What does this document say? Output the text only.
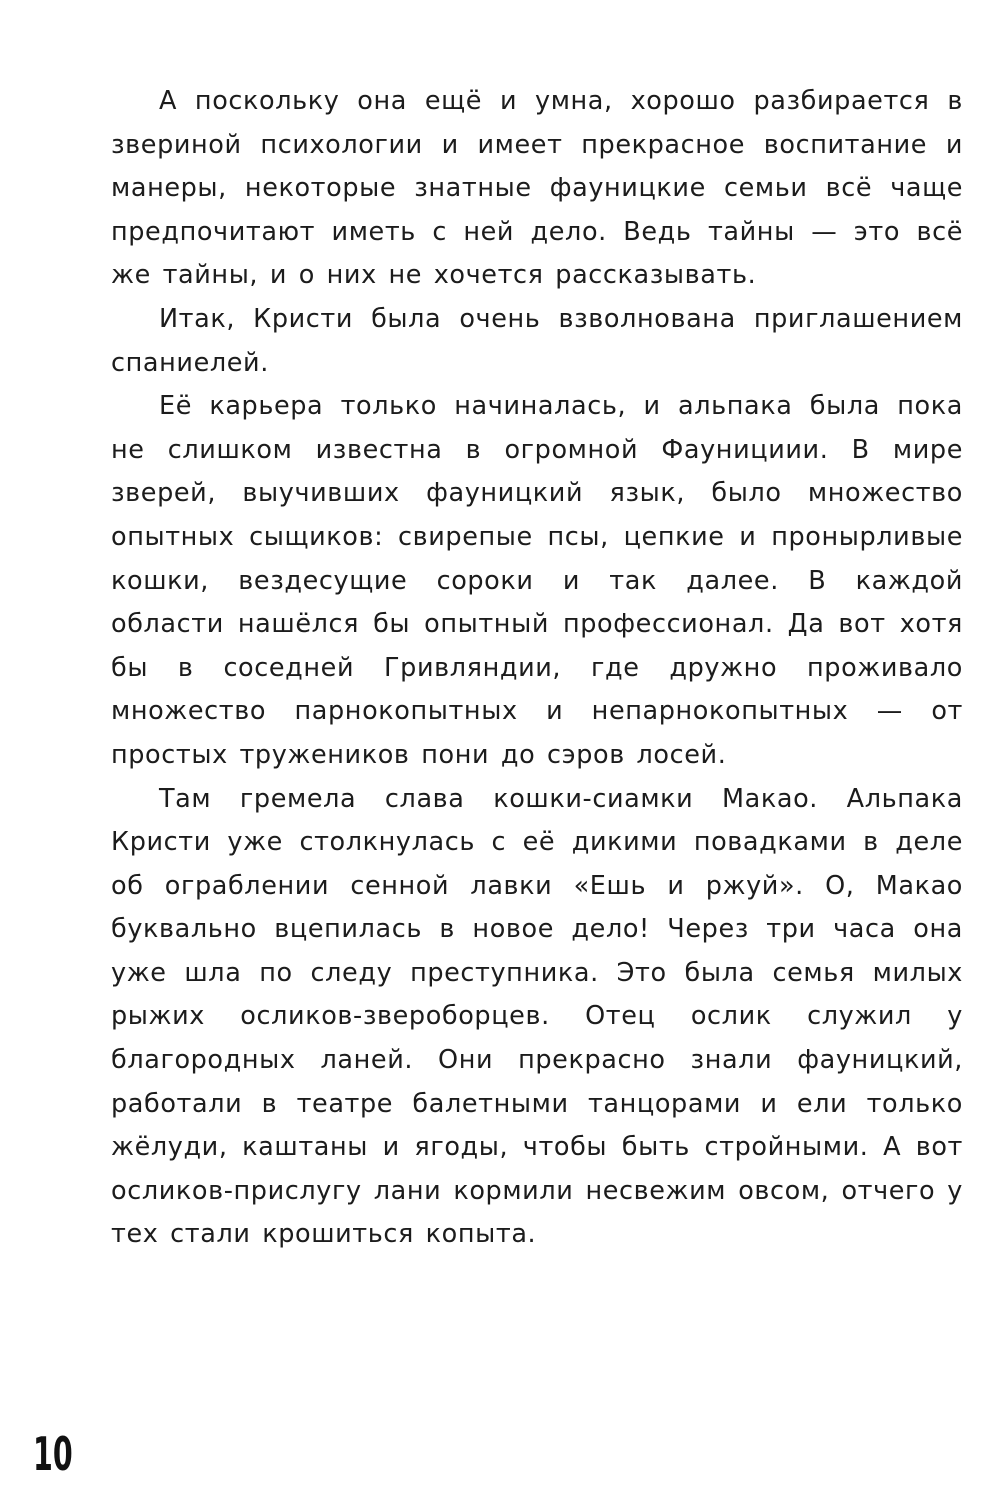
А поскольку она ещё и умна, хорошо разбирается в звериной психологии и имеет прекрасное воспитание и манеры, некоторые знатные фауницкие семьи всё чаще предпочитают иметь с ней дело. Ведь тайны — это всё же тайны, и о них не хочется рассказывать.

Итак, Кристи была очень взволнована приглашением спаниелей.

Её карьера только начиналась, и альпака была пока не слишком известна в огромной Фаунициии. В мире зверей, выучивших фауницкий язык, было множество опытных сыщиков: свирепые псы, цепкие и пронырливые кошки, вездесущие сороки и так далее. В каждой области нашёлся бы опытный профессионал. Да вот хотя бы в соседней Гривляндии, где дружно проживало множество парнокопытных и непарнокопытных — от простых тружеников пони до сэров лосей.

Там гремела слава кошки-сиамки Макао. Альпака Кристи уже столкнулась с её дикими повадками в деле об ограблении сенной лавки «Ешь и ржуй». О, Макао буквально вцепилась в новое дело! Через три часа она уже шла по следу преступника. Это была семья милых рыжих осликов-звероборцев. Отец ослик служил у благородных ланей. Они прекрасно знали фауницкий, работали в театре балетными танцорами и ели только жёлуди, каштаны и ягоды, чтобы быть стройными. А вот осликов-прислугу лани кормили несвежим овсом, отчего у тех стали крошиться копыта.

10
